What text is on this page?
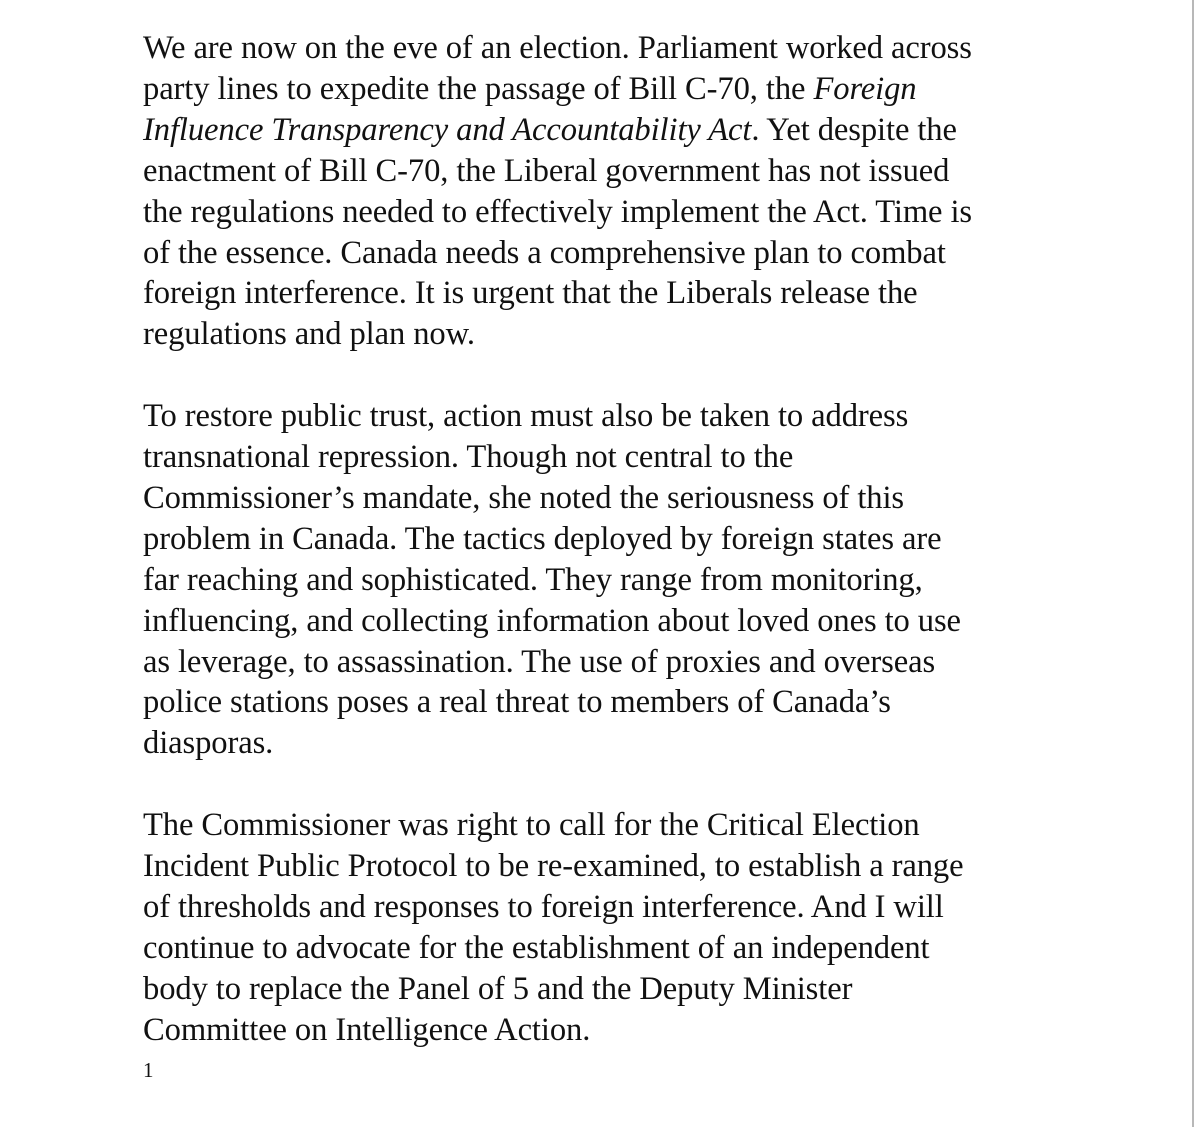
We are now on the eve of an election. Parliament worked across
party lines to expedite the passage of Bill C-70, the Foreign
Influence Transparency and Accountability Act. Yet despite the
enactment of Bill C-70, the Liberal government has not issued
the regulations needed to effectively implement the Act. Time is
of the essence. Canada needs a comprehensive plan to combat
foreign interference. It is urgent that the Liberals release the
regulations and plan now.

To restore public trust, action must also be taken to address
transnational repression. Though not central to the
Commissioner’s mandate, she noted the seriousness of this
problem in Canada. The tactics deployed by foreign states are
far reaching and sophisticated. They range from monitoring,
influencing, and collecting information about loved ones to use
as leverage, to assassination. The use of proxies and overseas
police stations poses a real threat to members of Canada’s
diasporas.

The Commissioner was right to call for the Critical Election
Incident Public Protocol to be re-examined, to establish a range
of thresholds and responses to foreign interference. And I will
continue to advocate for the establishment of an independent
body to replace the Panel of 5 and the Deputy Minister
Committee on Intelligence Action.

1
